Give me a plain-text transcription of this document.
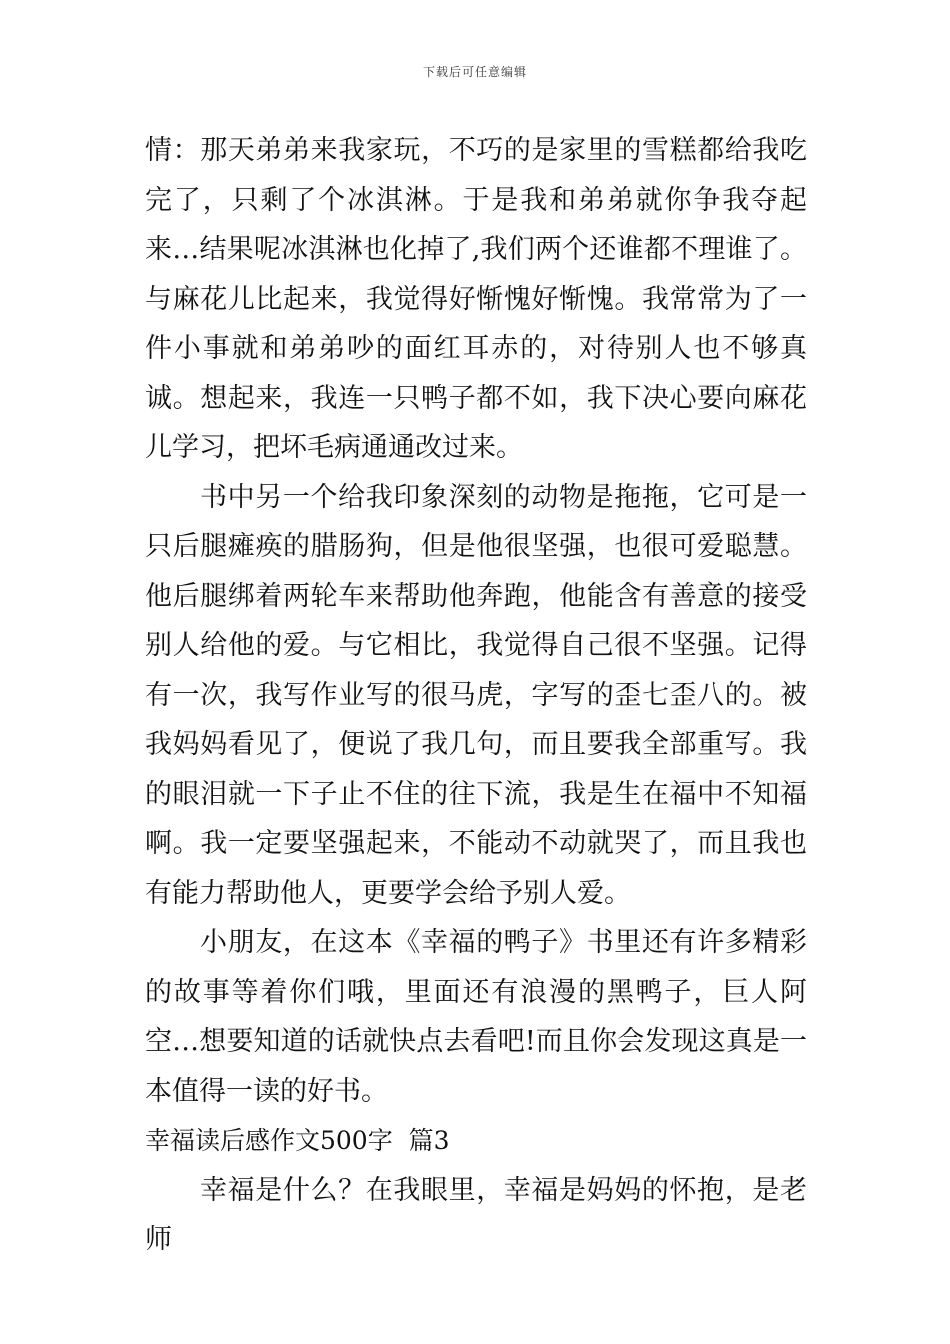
下载后可任意编辑

情：那天弟弟来我家玩，不巧的是家里的雪糕都给我吃完了，只剩了个冰淇淋。于是我和弟弟就你争我夺起来…结果呢冰淇淋也化掉了,我们两个还谁都不理谁了。与麻花儿比起来，我觉得好惭愧好惭愧。我常常为了一件小事就和弟弟吵的面红耳赤的，对待别人也不够真诚。想起来，我连一只鸭子都不如，我下决心要向麻花儿学习，把坏毛病通通改过来。

书中另一个给我印象深刻的动物是拖拖，它可是一只后腿瘫痪的腊肠狗，但是他很坚强，也很可爱聪慧。他后腿绑着两轮车来帮助他奔跑，他能含有善意的接受别人给他的爱。与它相比，我觉得自己很不坚强。记得有一次，我写作业写的很马虎，字写的歪七歪八的。被我妈妈看见了，便说了我几句，而且要我全部重写。我的眼泪就一下子止不住的往下流，我是生在福中不知福啊。我一定要坚强起来，不能动不动就哭了，而且我也有能力帮助他人，更要学会给予别人爱。

小朋友，在这本《幸福的鸭子》书里还有许多精彩的故事等着你们哦，里面还有浪漫的黑鸭子，巨人阿空…想要知道的话就快点去看吧!而且你会发现这真是一本值得一读的好书。

幸福读后感作文500字  篇3

幸福是什么？在我眼里，幸福是妈妈的怀抱，是老师
